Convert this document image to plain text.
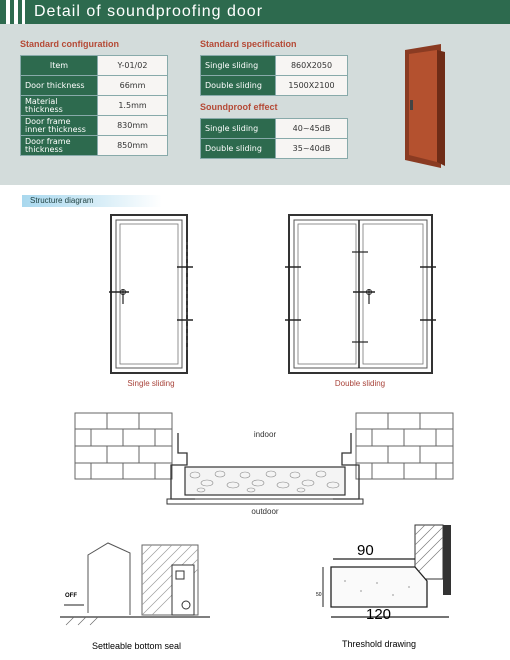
Detail of soundproofing door
Standard configuration
Item	Y-01/02
Door thickness	66mm
Material thickness	1.5mm
Door frame inner thickness	830mm
Door frame thickness	850mm
Standard specification
Single sliding	860X2050
Double sliding	1500X2100
Soundproof effect
Single sliding	40~45dB
Double sliding	35~40dB
Structure diagram
Single sliding	Double sliding
indoor
outdoor
OFF
Settleable bottom seal
90
120
50
Threshold drawing
